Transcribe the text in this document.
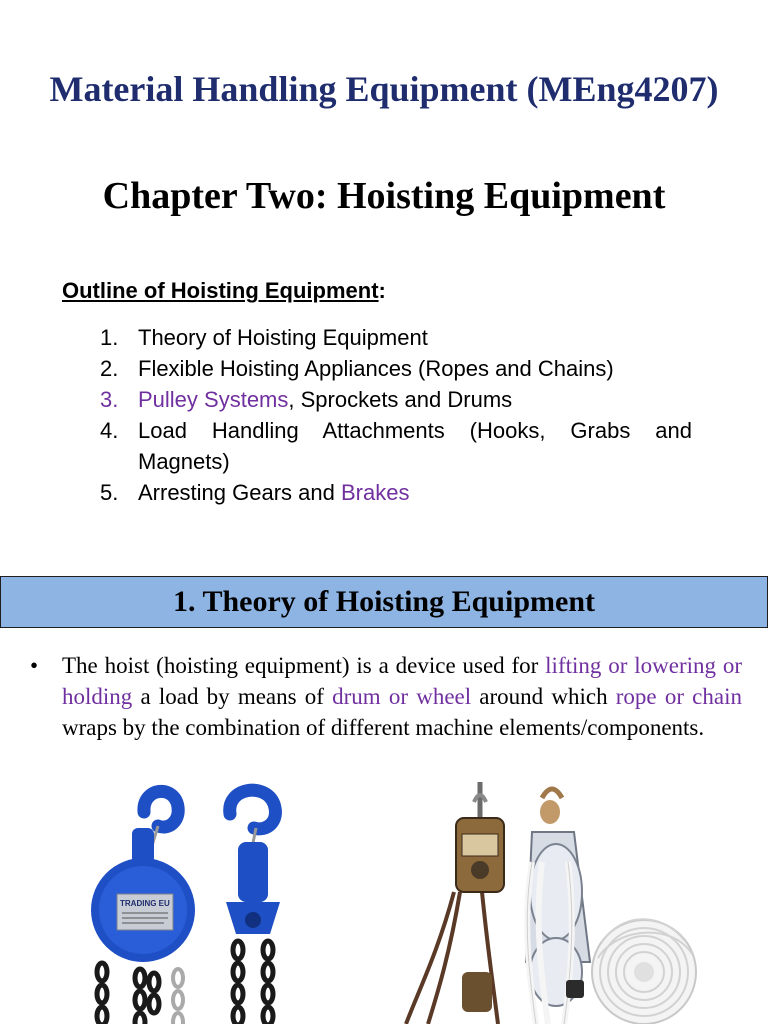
Material Handling Equipment (MEng4207)
Chapter Two: Hoisting Equipment
Outline of Hoisting Equipment:
1. Theory of Hoisting Equipment
2. Flexible Hoisting Appliances (Ropes and Chains)
3. Pulley Systems, Sprockets and Drums
4. Load Handling Attachments (Hooks, Grabs and Magnets)
5. Arresting Gears and Brakes
1. Theory of Hoisting Equipment
• The hoist (hoisting equipment) is a device used for lifting or lowering or holding a load by means of drum or wheel around which rope or chain wraps by the combination of different machine elements/components.
TRADING EU
